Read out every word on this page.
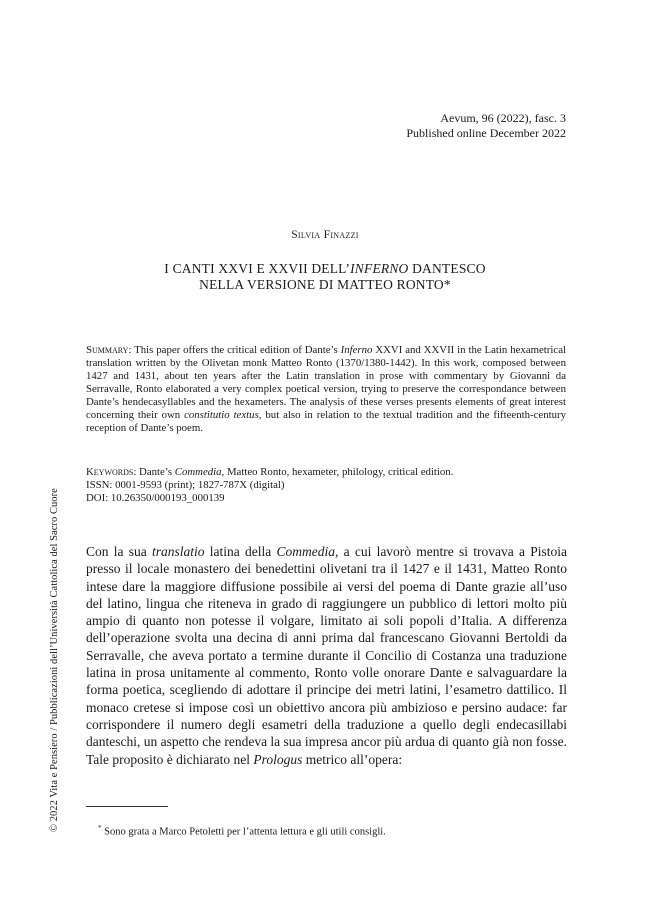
Aevum, 96 (2022), fasc. 3
Published online December 2022
Silvia Finazzi
I CANTI XXVI E XXVII DELL’INFERNO DANTESCO
NELLA VERSIONE DI MATTEO RONTO*

Summary: This paper offers the critical edition of Dante’s Inferno XXVI and XXVII in the Latin hexametrical translation written by the Olivetan monk Matteo Ronto (1370/1380-1442). In this work, composed between 1427 and 1431, about ten years after the Latin translation in prose with commentary by Giovanni da Serravalle, Ronto elaborated a very complex poetical version, trying to preserve the correspondance between Dante’s hendecasyllables and the hexameters. The analysis of these verses presents elements of great interest concerning their own constitutio textus, but also in relation to the textual tradition and the fifteenth-century reception of Dante’s poem.

Keywords: Dante’s Commedia, Matteo Ronto, hexameter, philology, critical edition.
ISSN: 0001-9593 (print); 1827-787X (digital)
DOI: 10.26350/000193_000139

Con la sua translatio latina della Commedia, a cui lavorò mentre si trovava a Pistoia presso il locale monastero dei benedettini olivetani tra il 1427 e il 1431, Matteo Ronto intese dare la maggiore diffusione possibile ai versi del poema di Dante grazie all’uso del latino, lingua che riteneva in grado di raggiungere un pubblico di lettori molto più ampio di quanto non potesse il volgare, limitato ai soli popoli d’Italia. A differenza dell’operazione svolta una decina di anni prima dal francescano Giovanni Bertoldi da Serravalle, che aveva portato a termine durante il Concilio di Costanza una traduzione latina in prosa unitamente al commento, Ronto volle onorare Dante e salvaguardare la forma poetica, scegliendo di adottare il principe dei metri latini, l’esametro dattilico. Il monaco cretese si impose così un obiettivo ancora più ambizioso e persino audace: far corrispondere il numero degli esametri della traduzione a quello degli endecasillabi danteschi, un aspetto che rendeva la sua impresa ancor più ardua di quanto già non fosse. Tale proposito è dichiarato nel Prologus metrico all’opera:

* Sono grata a Marco Petoletti per l’attenta lettura e gli utili consigli.
© 2022 Vita e Pensiero / Pubblicazioni dell’Università Cattolica del Sacro Cuore
